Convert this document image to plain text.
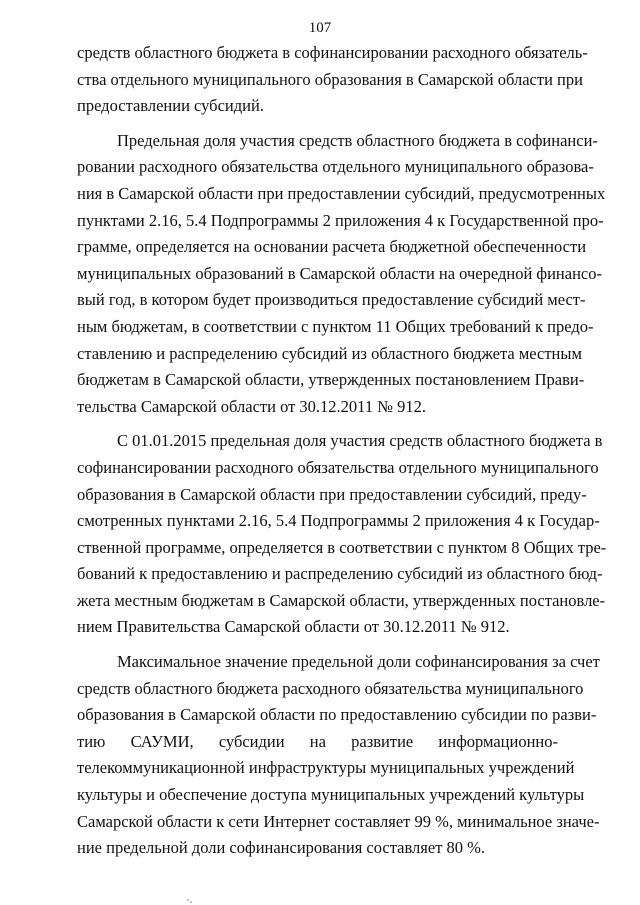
107
средств областного бюджета в софинансировании расходного обязатель-
ства отдельного муниципального образования в Самарской области при
предоставлении субсидий.
Предельная доля участия средств областного бюджета в софинанси-
ровании расходного обязательства отдельного муниципального образова-
ния в Самарской области при предоставлении субсидий, предусмотренных
пунктами 2.16, 5.4 Подпрограммы 2 приложения 4 к Государственной про-
грамме, определяется на основании расчета бюджетной обеспеченности
муниципальных образований в Самарской области на очередной финансо-
вый год, в котором будет производиться предоставление субсидий мест-
ным бюджетам, в соответствии с пунктом 11 Общих требований к предо-
ставлению и распределению субсидий из областного бюджета местным
бюджетам в Самарской области, утвержденных постановлением Прави-
тельства Самарской области от 30.12.2011 № 912.
С 01.01.2015 предельная доля участия средств областного бюджета в
софинансировании расходного обязательства отдельного муниципального
образования в Самарской области при предоставлении субсидий, преду-
смотренных пунктами 2.16, 5.4 Подпрограммы 2 приложения 4 к Государ-
ственной программе, определяется в соответствии с пунктом 8 Общих тре-
бований к предоставлению и распределению субсидий из областного бюд-
жета местным бюджетам в Самарской области, утвержденных постановле-
нием Правительства Самарской области от 30.12.2011 № 912.
Максимальное значение предельной доли софинансирования за счет
средств областного бюджета расходного обязательства муниципального
образования в Самарской области по предоставлению субсидии по разви-
тию САУМИ, субсидии на развитие информационно-
телекоммуникационной инфраструктуры муниципальных учреждений
культуры и обеспечение доступа муниципальных учреждений культуры
Самарской области к сети Интернет составляет 99 %, минимальное значе-
ние предельной доли софинансирования составляет 80 %.
